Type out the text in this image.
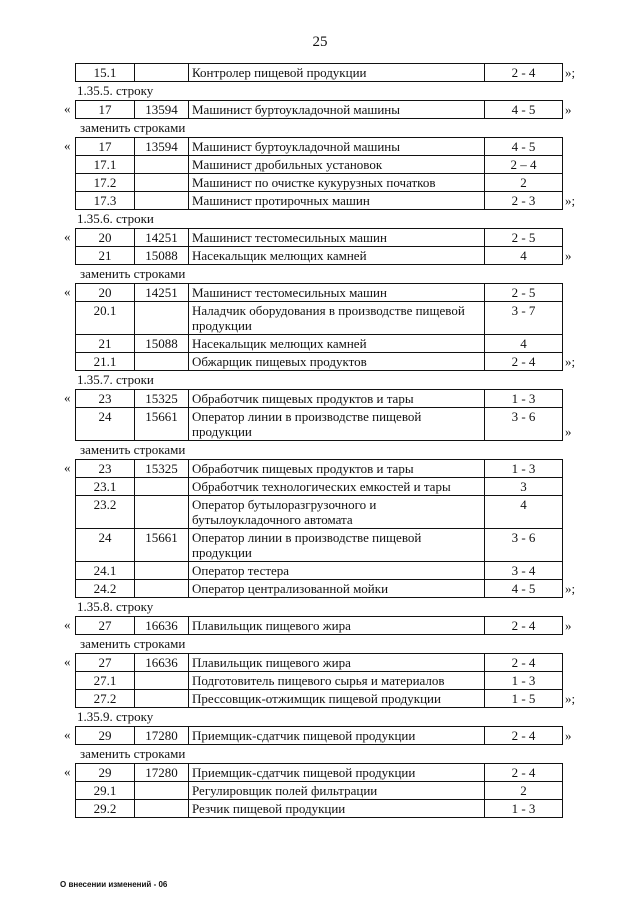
25
15.1		Контролер пищевой продукции	2 - 4 »;
1.35.5. строку
« 17	13594	Машинист буртоукладочной машины	4 - 5 »
заменить строками
« 17	13594	Машинист буртоукладочной машины	4 - 5
17.1		Машинист дробильных установок	2 – 4
17.2		Машинист по очистке кукурузных початков	2
17.3		Машинист протирочных машин	2 - 3 »;
1.35.6. строки
« 20	14251	Машинист тестомесильных машин	2 - 5
21	15088	Насекальщик мелющих камней	4	»
заменить строками
« 20	14251	Машинист тестомесильных машин	2 - 5
20.1		Наладчик оборудования в производстве пищевой продукции	3 - 7
21	15088	Насекальщик мелющих камней	4
21.1		Обжарщик пищевых продуктов	2 - 4 »;
1.35.7. строки
« 23	15325	Обработчик пищевых продуктов и тары	1 - 3
24	15661	Оператор линии в производстве пищевой продукции	3 - 6
»
заменить строками
« 23	15325	Обработчик пищевых продуктов и тары	1 - 3
23.1		Обработчик технологических емкостей и тары	3
23.2		Оператор бутылоразгрузочного и бутылоукладочного автомата	4
24	15661	Оператор линии в производстве пищевой продукции	3 - 6
24.1		Оператор тестера	3 - 4
24.2		Оператор централизованной мойки	4 - 5 »;
1.35.8. строку
« 27	16636	Плавильщик пищевого жира	2 - 4 »
заменить строками
« 27	16636	Плавильщик пищевого жира	2 - 4
27.1		Подготовитель пищевого сырья и материалов	1 - 3
27.2		Прессовщик-отжимщик пищевой продукции	1 - 5 »;
1.35.9. строку
« 29	17280	Приемщик-сдатчик пищевой продукции	2 - 4 »
заменить строками
« 29	17280	Приемщик-сдатчик пищевой продукции	2 - 4
29.1		Регулировщик полей фильтрации	2
29.2		Резчик пищевой продукции	1 - 3
О внесении изменений - 06
